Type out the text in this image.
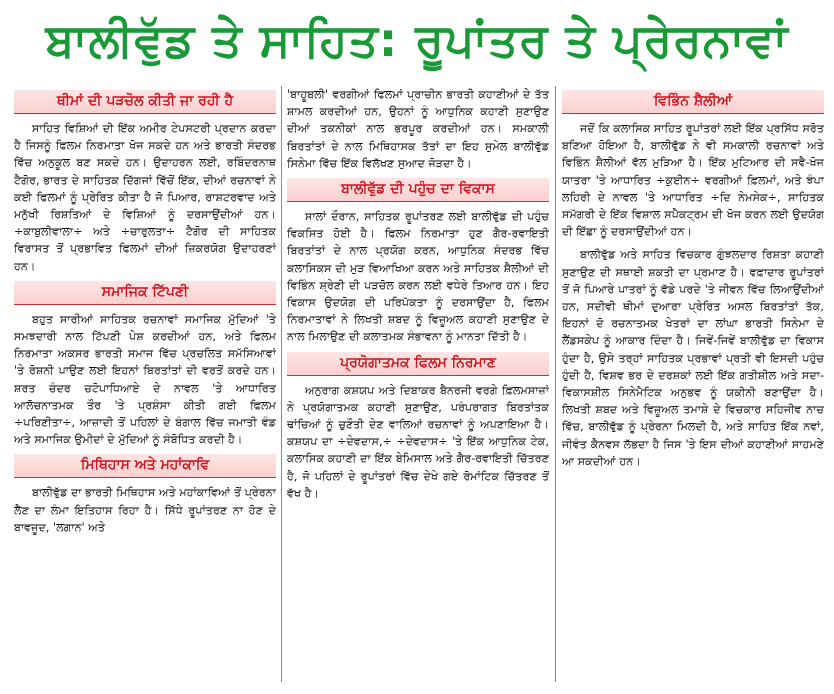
ਬਾਲੀਵੁੱਡ ਤੇ ਸਾਹਿਤ: ਰੂਪਾਂਤਰ ਤੇ ਪ੍ਰੇਰਨਾਵਾਂ
ਥੀਮਾਂ ਦੀ ਪੜਚੋਲ ਕੀਤੀ ਜਾ ਰਹੀ ਹੈ

ਸਾਹਿਤ ਵਿਸ਼ਿਆਂ ਦੀ ਇੱਕ ਅਮੀਰ ਟੇਪਸਟਰੀ ਪ੍ਰਦਾਨ ਕਰਦਾ ਹੈ ਜਿਸਨੂੰ ਫਿਲਮ ਨਿਰਮਾਤਾ ਖੋਜ ਸਕਦੇ ਹਨ ਅਤੇ ਭਾਰਤੀ ਸੰਦਰਭ ਵਿੱਚ ਅਨੁਕੂਲ ਬਣ ਸਕਦੇ ਹਨ। ਉਦਾਹਰਨ ਲਈ, ਰਬਿੰਦਰਨਾਥ ਟੈਗੋਰ, ਭਾਰਤ ਦੇ ਸਾਹਿਤਕ ਦਿੱਗਜਾਂ ਵਿੱਚੋਂ ਇੱਕ, ਦੀਆਂ ਰਚਨਾਵਾਂ ਨੇ ਕਈ ਫਿਲਮਾਂ ਨੂੰ ਪ੍ਰੇਰਿਤ ਕੀਤਾ ਹੈ ਜੋ ਪਿਆਰ, ਰਾਸ਼ਟਰਵਾਦ ਅਤੇ ਮਨੁੱਖੀ ਰਿਸ਼ਤਿਆਂ ਦੇ ਵਿਸ਼ਿਆਂ ਨੂੰ ਦਰਸਾਉਂਦੀਆਂ ਹਨ। ÷ਕਾਬੁਲੀਵਾਲਾ÷ ਅਤੇ ÷ਚਾਰੁਲਤਾ÷ ਟੈਗੋਰ ਦੀ ਸਾਹਿਤਕ ਵਿਰਾਸਤ ਤੋਂ ਪ੍ਰਭਾਵਿਤ ਫਿਲਮਾਂ ਦੀਆਂ ਜ਼ਿਕਰਯੋਗ ਉਦਾਹਰਣਾਂ ਹਨ।

ਸਮਾਜਿਕ ਟਿੱਪਣੀ

ਬਹੁਤ ਸਾਰੀਆਂ ਸਾਹਿਤਕ ਰਚਨਾਵਾਂ ਸਮਾਜਿਕ ਮੁੱਦਿਆਂ 'ਤੇ ਸਮਝਦਾਰੀ ਨਾਲ ਟਿੱਪਣੀ ਪੇਸ਼ ਕਰਦੀਆਂ ਹਨ, ਅਤੇ ਫਿਲਮ ਨਿਰਮਾਤਾ ਅਕਸਰ ਭਾਰਤੀ ਸਮਾਜ ਵਿੱਚ ਪ੍ਰਚਲਿਤ ਸਮੱਸਿਆਵਾਂ 'ਤੇ ਰੋਸ਼ਨੀ ਪਾਉਣ ਲਈ ਇਹਨਾਂ ਬਿਰਤਾਂਤਾਂ ਦੀ ਵਰਤੋਂ ਕਰਦੇ ਹਨ। ਸ਼ਰਤ ਚੰਦਰ ਚਟੋਪਾਧਿਆਏ ਦੇ ਨਾਵਲ 'ਤੇ ਆਧਾਰਿਤ ਆਲੋਚਨਾਤਮਕ ਤੌਰ 'ਤੇ ਪ੍ਰਸ਼ੰਸਾ ਕੀਤੀ ਗਈ ਫਿਲਮ ÷ਪਰਿਣੀਤਾ÷, ਆਜ਼ਾਦੀ ਤੋਂ ਪਹਿਲਾਂ ਦੇ ਬੰਗਾਲ ਵਿੱਚ ਜਮਾਤੀ ਵੰਡ ਅਤੇ ਸਮਾਜਿਕ ਉਮੀਦਾਂ ਦੇ ਮੁੱਦਿਆਂ ਨੂੰ ਸੰਬੋਧਿਤ ਕਰਦੀ ਹੈ।

ਮਿਥਿਹਾਸ ਅਤੇ ਮਹਾਂਕਾਵਿ

ਬਾਲੀਵੁੱਡ ਦਾ ਭਾਰਤੀ ਮਿਥਿਹਾਸ ਅਤੇ ਮਹਾਂਕਾਵਿਆਂ ਤੋਂ ਪ੍ਰੇਰਨਾ ਲੈਣ ਦਾ ਲੰਮਾ ਇਤਿਹਾਸ ਰਿਹਾ ਹੈ। ਸਿੱਧੇ ਰੂਪਾਂਤਰਣ ਨਾ ਹੋਣ ਦੇ ਬਾਵਜੂਦ, 'ਲਗਾਨ' ਅਤੇ

'ਬਾਹੂਬਲੀ' ਵਰਗੀਆਂ ਫਿਲਮਾਂ ਪ੍ਰਾਚੀਨ ਭਾਰਤੀ ਕਹਾਣੀਆਂ ਦੇ ਤੱਤ ਸ਼ਾਮਲ ਕਰਦੀਆਂ ਹਨ, ਉਹਨਾਂ ਨੂੰ ਆਧੁਨਿਕ ਕਹਾਣੀ ਸੁਣਾਉਣ ਦੀਆਂ ਤਕਨੀਕਾਂ ਨਾਲ ਭਰਪੂਰ ਕਰਦੀਆਂ ਹਨ। ਸਮਕਾਲੀ ਬਿਰਤਾਂਤਾਂ ਦੇ ਨਾਲ ਮਿਥਿਹਾਸਕ ਤੱਤਾਂ ਦਾ ਇਹ ਸੁਮੇਲ ਬਾਲੀਵੁੱਡ ਸਿਨੇਮਾ ਵਿੱਚ ਇੱਕ ਵਿਲੱਖਣ ਸੁਆਦ ਜੋੜਦਾ ਹੈ।

ਬਾਲੀਵੁੱਡ ਦੀ ਪਹੁੰਚ ਦਾ ਵਿਕਾਸ

ਸਾਲਾਂ ਦੌਰਾਨ, ਸਾਹਿਤਕ ਰੂਪਾਂਤਰਣ ਲਈ ਬਾਲੀਵੁੱਡ ਦੀ ਪਹੁੰਚ ਵਿਕਸਿਤ ਹੋਈ ਹੈ। ਫਿਲਮ ਨਿਰਮਾਤਾ ਹੁਣ ਗੈਰ-ਰਵਾਇਤੀ ਬਿਰਤਾਂਤਾਂ ਦੇ ਨਾਲ ਪ੍ਰਯੋਗ ਕਰਨ, ਆਧੁਨਿਕ ਸੰਦਰਭ ਵਿੱਚ ਕਲਾਸਿਕਸ ਦੀ ਮੁੜ ਵਿਆਖਿਆ ਕਰਨ ਅਤੇ ਸਾਹਿਤਕ ਸ਼ੈਲੀਆਂ ਦੀ ਵਿਭਿੰਨ ਸ਼੍ਰੇਣੀ ਦੀ ਪੜਚੋਲ ਕਰਨ ਲਈ ਵਧੇਰੇ ਤਿਆਰ ਹਨ। ਇਹ ਵਿਕਾਸ ਉਦਯੋਗ ਦੀ ਪਰਿਪੱਕਤਾ ਨੂੰ ਦਰਸਾਉਂਦਾ ਹੈ, ਫਿਲਮ ਨਿਰਮਾਤਾਵਾਂ ਨੇ ਲਿਖਤੀ ਸ਼ਬਦ ਨੂੰ ਵਿਜ਼ੂਅਲ ਕਹਾਣੀ ਸੁਣਾਉਣ ਦੇ ਨਾਲ ਮਿਲਾਉਣ ਦੀ ਕਲਾਤਮਕ ਸੰਭਾਵਨਾ ਨੂੰ ਮਾਨਤਾ ਦਿੱਤੀ ਹੈ।

ਪ੍ਰਯੋਗਾਤਮਕ ਫਿਲਮ ਨਿਰਮਾਣ

ਅਨੁਰਾਗ ਕਸ਼ਯਪ ਅਤੇ ਦਿਬਾਕਰ ਬੈਨਰਜੀ ਵਰਗੇ ਫ਼ਿਲਮਸਾਜ਼ਾਂ ਨੇ ਪ੍ਰਯੋਗਾਤਮਕ ਕਹਾਣੀ ਸੁਣਾਉਣ, ਪਰੰਪਰਾਗਤ ਬਿਰਤਾਂਤਕ ਢਾਂਚਿਆਂ ਨੂੰ ਚੁਣੌਤੀ ਦੇਣ ਵਾਲਿਆਂ ਰਚਨਾਵਾਂ ਨੂੰ ਅਪਣਾਇਆ ਹੈ। ਕਸ਼ਯਪ ਦਾ ÷ਦੇਵਦਾਸ,÷ ÷ਦੇਵਦਾਸ÷ 'ਤੇ ਇੱਕ ਆਧੁਨਿਕ ਟੇਕ, ਕਲਾਸਿਕ ਕਹਾਣੀ ਦਾ ਇੱਕ ਬੇਮਿਸਾਲ ਅਤੇ ਗੈਰ-ਰਵਾਇਤੀ ਚਿੱਤਰਣ ਹੈ, ਜੋ ਪਹਿਲਾਂ ਦੇ ਰੂਪਾਂਤਰਾਂ ਵਿੱਚ ਦੇਖੇ ਗਏ ਰੋਮਾਂਟਿਕ ਚਿੱਤਰਣ ਤੋਂ ਵੱਖ ਹੈ।

ਵਿਭਿੰਨ ਸ਼ੈਲੀਆਂ

ਜਦੋਂ ਕਿ ਕਲਾਸਿਕ ਸਾਹਿਤ ਰੂਪਾਂਤਰਾਂ ਲਈ ਇੱਕ ਪ੍ਰਸਿੱਧ ਸਰੋਤ ਬਣਿਆ ਹੋਇਆ ਹੈ, ਬਾਲੀਵੁੱਡ ਨੇ ਵੀ ਸਮਕਾਲੀ ਰਚਨਾਵਾਂ ਅਤੇ ਵਿਭਿੰਨ ਸ਼ੈਲੀਆਂ ਵੱਲ ਮੁੜਿਆ ਹੈ। ਇੱਕ ਮੁਟਿਆਰ ਦੀ ਸਵੈ-ਖੋਜ ਯਾਤਰਾ 'ਤੇ ਆਧਾਰਿਤ ÷ਕੁਈਨ÷ ਵਰਗੀਆਂ ਫ਼ਿਲਮਾਂ, ਅਤੇ ਝੰਪਾ ਲਹਿਰੀ ਦੇ ਨਾਵਲ 'ਤੇ ਆਧਾਰਿਤ ÷ਦਿ ਨੇਮਸੇਕ÷, ਸਾਹਿਤਕ ਸਮੱਗਰੀ ਦੇ ਇੱਕ ਵਿਸ਼ਾਲ ਸਪੈਕਟ੍ਰਮ ਦੀ ਖੋਜ ਕਰਨ ਲਈ ਉਦਯੋਗ ਦੀ ਇੱਛਾ ਨੂੰ ਦਰਸਾਉਂਦੀਆਂ ਹਨ।

ਬਾਲੀਵੁੱਡ ਅਤੇ ਸਾਹਿਤ ਵਿਚਕਾਰ ਗੁੰਝਲਦਾਰ ਰਿਸ਼ਤਾ ਕਹਾਣੀ ਸੁਣਾਉਣ ਦੀ ਸਥਾਈ ਸ਼ਕਤੀ ਦਾ ਪ੍ਰਮਾਣ ਹੈ। ਵਫ਼ਾਦਾਰ ਰੂਪਾਂਤਰਾਂ ਤੋਂ ਜੋ ਪਿਆਰੇ ਪਾਤਰਾਂ ਨੂੰ ਵੱਡੇ ਪਰਦੇ 'ਤੇ ਜੀਵਨ ਵਿੱਚ ਲਿਆਉਂਦੀਆਂ ਹਨ, ਸਦੀਵੀ ਥੀਮਾਂ ਦੁਆਰਾ ਪ੍ਰੇਰਿਤ ਅਸਲ ਬਿਰਤਾਂਤਾਂ ਤੱਕ, ਇਹਨਾਂ ਦੋ ਰਚਨਾਤਮਕ ਖੇਤਰਾਂ ਦਾ ਲਾਂਘਾ ਭਾਰਤੀ ਸਿਨੇਮਾ ਦੇ ਲੈਂਡਸਕੇਪ ਨੂੰ ਆਕਾਰ ਦਿੰਦਾ ਹੈ। ਜਿਵੇਂ-ਜਿਵੇਂ ਬਾਲੀਵੁੱਡ ਦਾ ਵਿਕਾਸ ਹੁੰਦਾ ਹੈ, ਉਸੇ ਤਰ੍ਹਾਂ ਸਾਹਿਤਕ ਪ੍ਰਭਾਵਾਂ ਪ੍ਰਤੀ ਵੀ ਇਸਦੀ ਪਹੁੰਚ ਹੁੰਦੀ ਹੈ, ਵਿਸ਼ਵ ਭਰ ਦੇ ਦਰਸ਼ਕਾਂ ਲਈ ਇੱਕ ਗਤੀਸ਼ੀਲ ਅਤੇ ਸਦਾ-ਵਿਕਾਸਸ਼ੀਲ ਸਿਨੇਮੈਟਿਕ ਅਨੁਭਵ ਨੂੰ ਯਕੀਨੀ ਬਣਾਉਂਦਾ ਹੈ। ਲਿਖਤੀ ਸ਼ਬਦ ਅਤੇ ਵਿਜ਼ੂਅਲ ਤਮਾਸ਼ੇ ਦੇ ਵਿਚਕਾਰ ਸਹਿਜੀਵ ਨਾਚ ਵਿੱਚ, ਬਾਲੀਵੁੱਡ ਨੂੰ ਪ੍ਰੇਰਨਾ ਮਿਲਦੀ ਹੈ, ਅਤੇ ਸਾਹਿਤ ਇੱਕ ਨਵਾਂ, ਜੀਵੰਤ ਕੈਨਵਸ ਲੱਭਦਾ ਹੈ ਜਿਸ 'ਤੇ ਇਸ ਦੀਆਂ ਕਹਾਣੀਆਂ ਸਾਹਮਣੇ ਆ ਸਕਦੀਆਂ ਹਨ।
